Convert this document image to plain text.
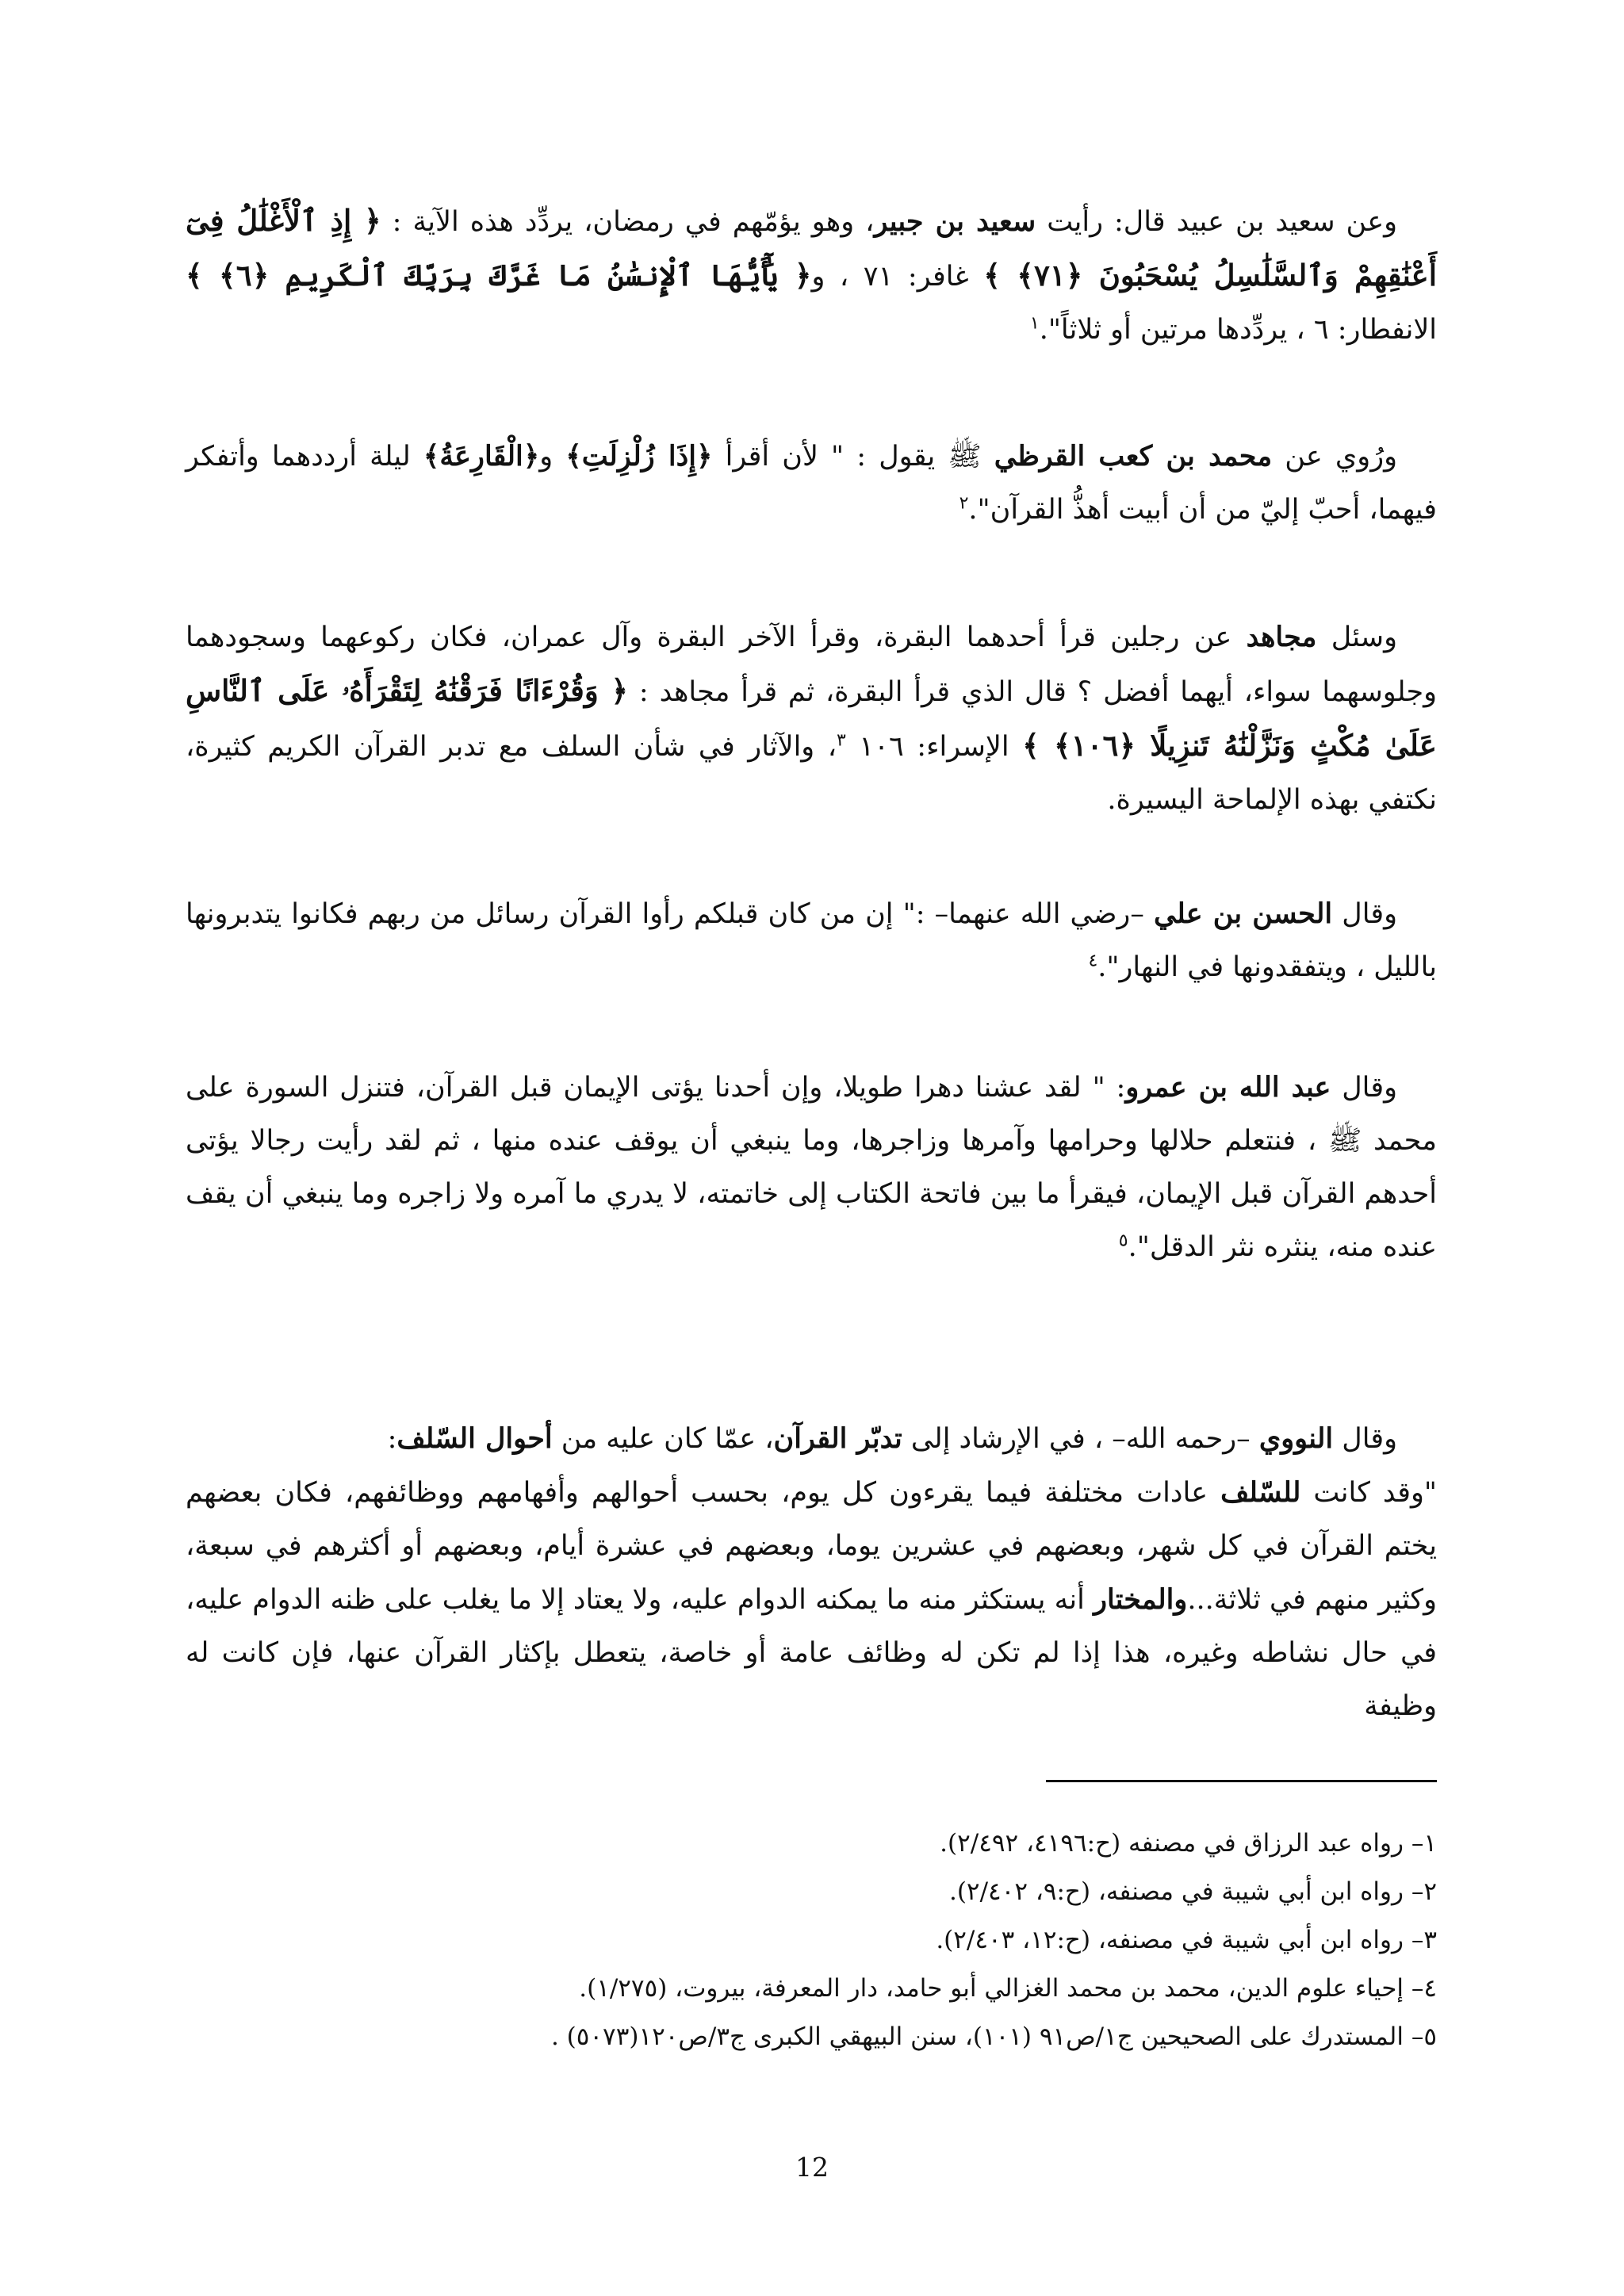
وعن سعيد بن عبيد قال: رأيت سعيد بن جبير، وهو يؤمّهم في رمضان، يردِّد هذه الآية : ﴿ إِذِ ٱلْأَغْلَٰلُ فِىٓ أَعْنَٰقِهِمْ وَٱلسَّلَٰسِلُ يُسْحَبُونَ ﴿٧١﴾ ﴾ غافر: ٧١ ، و﴿ يَٰٓأَيُّهَا ٱلْإِنسَٰنُ مَا غَرَّكَ بِرَبِّكَ ٱلْكَرِيمِ ﴿٦﴾ ﴾ الانفطار: ٦ ، يردِّدها مرتين أو ثلاثاً".$^١$

ورُوي عن محمد بن كعب القرظي ﷺ يقول : " لأن أقرأ ﴿إِذَا زُلْزِلَتِ﴾ و﴿الْقَارِعَةُ﴾ ليلة أرددهما وأتفكر فيهما، أحبّ إليّ من أن أبيت أهذُّ القرآن".$^٢$

وسئل مجاهد عن رجلين قرأ أحدهما البقرة، وقرأ الآخر البقرة وآل عمران، فكان ركوعهما وسجودهما وجلوسهما سواء، أيهما أفضل ؟ قال الذي قرأ البقرة، ثم قرأ مجاهد : ﴿ وَقُرْءَانًا فَرَقْنَٰهُ لِتَقْرَأَهُۥ عَلَى ٱلنَّاسِ عَلَىٰ مُكْثٍ وَنَزَّلْنَٰهُ تَنزِيلًا ﴿١٠٦﴾ ﴾ الإسراء: ١٠٦ $^٣$، والآثار في شأن السلف مع تدبر القرآن الكريم كثيرة، نكتفي بهذه الإلماحة اليسيرة.

وقال الحسن بن علي –رضي الله عنهما– :" إن من كان قبلكم رأوا القرآن رسائل من ربهم فكانوا يتدبرونها بالليل ، ويتفقدونها في النهار".$^٤$

وقال عبد الله بن عمرو: " لقد عشنا دهرا طويلا، وإن أحدنا يؤتى الإيمان قبل القرآن، فتنزل السورة على محمد ﷺ ، فنتعلم حلالها وحرامها وآمرها وزاجرها، وما ينبغي أن يوقف عنده منها ، ثم لقد رأيت رجالا يؤتى أحدهم القرآن قبل الإيمان، فيقرأ ما بين فاتحة الكتاب إلى خاتمته، لا يدري ما آمره ولا زاجره وما ينبغي أن يقف عنده منه، ينثره نثر الدقل".$^٥$

وقال النووي –رحمه الله– ، في الإرشاد إلى تدبّر القرآن، عمّا كان عليه من أحوال السّلف:

"وقد كانت للسّلف عادات مختلفة فيما يقرءون كل يوم، بحسب أحوالهم وأفهامهم ووظائفهم، فكان بعضهم يختم القرآن في كل شهر، وبعضهم في عشرين يوما، وبعضهم في عشرة أيام، وبعضهم أو أكثرهم في سبعة، وكثير منهم في ثلاثة...والمختار أنه يستكثر منه ما يمكنه الدوام عليه، ولا يعتاد إلا ما يغلب على ظنه الدوام عليه، في حال نشاطه وغيره، هذا إذا لم تكن له وظائف عامة أو خاصة، يتعطل بإكثار القرآن عنها، فإن كانت له وظيفة

١– رواه عبد الرزاق في مصنفه (ح:٤١٩٦، ٢/٤٩٢).
٢– رواه ابن أبي شيبة في مصنفه، (ح:٩، ٢/٤٠٢).
٣– رواه ابن أبي شيبة في مصنفه، (ح:١٢، ٢/٤٠٣).
٤– إحياء علوم الدين، محمد بن محمد الغزالي أبو حامد، دار المعرفة، بيروت، (١/٢٧٥).
٥– المستدرك على الصحيحين ج١/ص٩١ (١٠١)، سنن البيهقي الكبرى ج٣/ص١٢٠(٥٠٧٣) .
12
